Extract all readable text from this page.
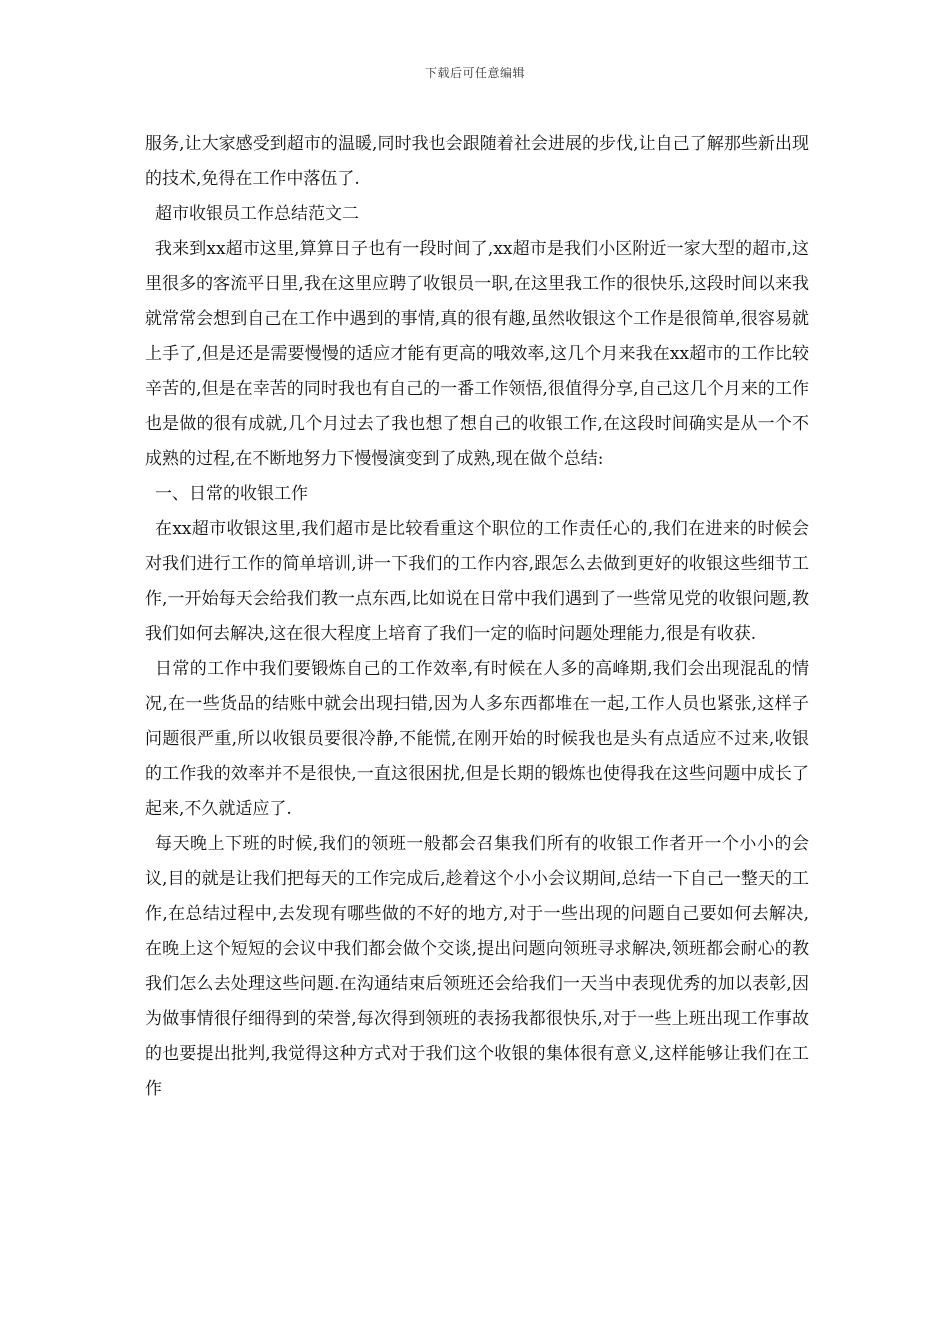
下载后可任意编辑

服务,让大家感受到超市的温暖,同时我也会跟随着社会进展的步伐,让自己了解那些新出现的技术,免得在工作中落伍了.

超市收银员工作总结范文二

我来到xx超市这里,算算日子也有一段时间了,xx超市是我们小区附近一家大型的超市,这里很多的客流平日里,我在这里应聘了收银员一职,在这里我工作的很快乐,这段时间以来我就常常会想到自己在工作中遇到的事情,真的很有趣,虽然收银这个工作是很简单,很容易就上手了,但是还是需要慢慢的适应才能有更高的哦效率,这几个月来我在xx超市的工作比较辛苦的,但是在幸苦的同时我也有自己的一番工作领悟,很值得分享,自己这几个月来的工作也是做的很有成就,几个月过去了我也想了想自己的收银工作,在这段时间确实是从一个不成熟的过程,在不断地努力下慢慢演变到了成熟,现在做个总结:

一、日常的收银工作

在xx超市收银这里,我们超市是比较看重这个职位的工作责任心的,我们在进来的时候会对我们进行工作的简单培训,讲一下我们的工作内容,跟怎么去做到更好的收银这些细节工作,一开始每天会给我们教一点东西,比如说在日常中我们遇到了一些常见党的收银问题,教我们如何去解决,这在很大程度上培育了我们一定的临时问题处理能力,很是有收获.

日常的工作中我们要锻炼自己的工作效率,有时候在人多的高峰期,我们会出现混乱的情况,在一些货品的结账中就会出现扫错,因为人多东西都堆在一起,工作人员也紧张,这样子问题很严重,所以收银员要很冷静,不能慌,在刚开始的时候我也是头有点适应不过来,收银的工作我的效率并不是很快,一直这很困扰,但是长期的锻炼也使得我在这些问题中成长了起来,不久就适应了.

每天晚上下班的时候,我们的领班一般都会召集我们所有的收银工作者开一个小小的会议,目的就是让我们把每天的工作完成后,趁着这个小小会议期间,总结一下自己一整天的工作,在总结过程中,去发现有哪些做的不好的地方,对于一些出现的问题自己要如何去解决,在晚上这个短短的会议中我们都会做个交谈,提出问题向领班寻求解决,领班都会耐心的教我们怎么去处理这些问题.在沟通结束后领班还会给我们一天当中表现优秀的加以表彰,因为做事情很仔细得到的荣誉,每次得到领班的表扬我都很快乐,对于一些上班出现工作事故的也要提出批判,我觉得这种方式对于我们这个收银的集体很有意义,这样能够让我们在工作
